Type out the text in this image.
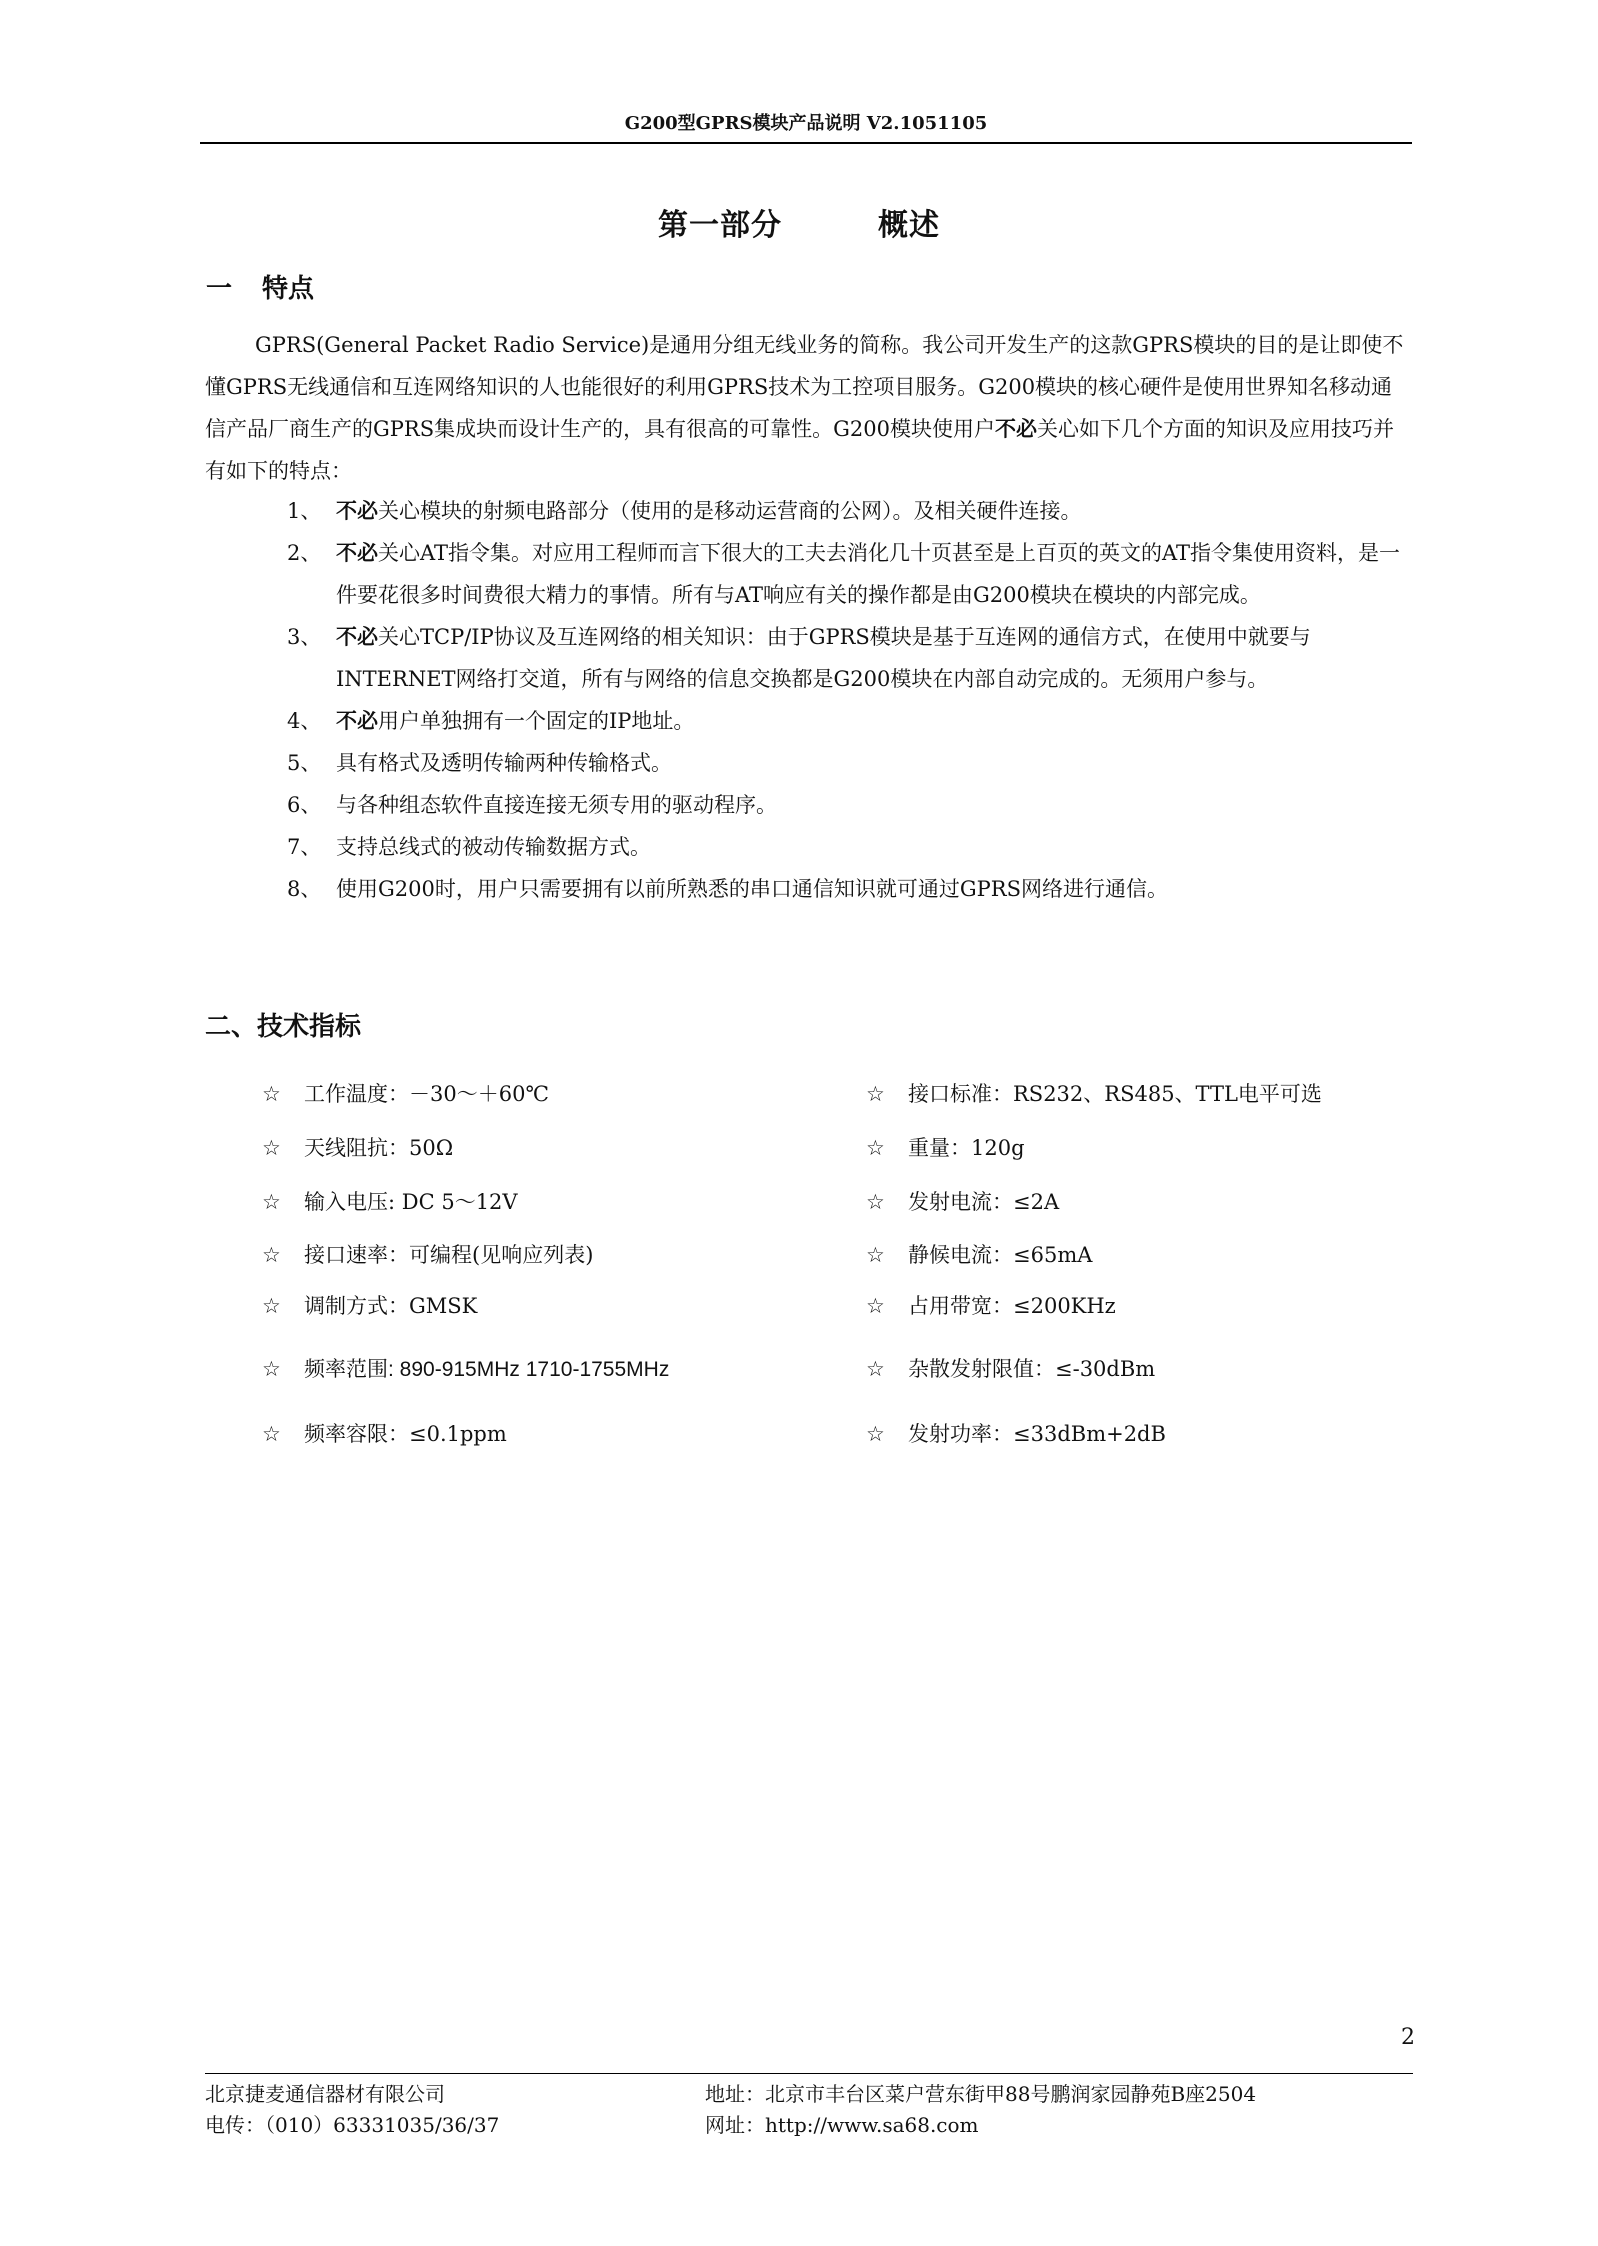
G200型GPRS模块产品说明 V2.1051105
第一部分	概述
一 特点
GPRS(General Packet Radio Service)是通用分组无线业务的简称。我公司开发生产的这款GPRS模块的目的是让即使不懂GPRS无线通信和互连网络知识的人也能很好的利用GPRS技术为工控项目服务。G200模块的核心硬件是使用世界知名移动通信产品厂商生产的GPRS集成块而设计生产的，具有很高的可靠性。G200模块使用户不必关心如下几个方面的知识及应用技巧并有如下的特点：
1、 不必关心模块的射频电路部分（使用的是移动运营商的公网）。及相关硬件连接。
2、 不必关心AT指令集。对应用工程师而言下很大的工夫去消化几十页甚至是上百页的英文的AT指令集使用资料，是一件要花很多时间费很大精力的事情。所有与AT响应有关的操作都是由G200模块在模块的内部完成。
3、 不必关心TCP/IP协议及互连网络的相关知识：由于GPRS模块是基于互连网的通信方式，在使用中就要与INTERNET网络打交道，所有与网络的信息交换都是G200模块在内部自动完成的。无须用户参与。
4、 不必用户单独拥有一个固定的IP地址。
5、 具有格式及透明传输两种传输格式。
6、 与各种组态软件直接连接无须专用的驱动程序。
7、 支持总线式的被动传输数据方式。
8、 使用G200时，用户只需要拥有以前所熟悉的串口通信知识就可通过GPRS网络进行通信。
二、技术指标
☆ 工作温度：－30～＋60℃
☆ 天线阻抗：50Ω
☆ 输入电压: DC 5～12V
☆ 接口速率：可编程(见响应列表)
☆ 调制方式：GMSK
☆ 频率范围: 890-915MHz 1710-1755MHz
☆ 频率容限：≤0.1ppm
☆ 接口标准：RS232、RS485、TTL电平可选
☆ 重量：120g
☆ 发射电流：≤2A
☆ 静候电流：≤65mA
☆ 占用带宽：≤200KHz
☆ 杂散发射限值：≤-30dBm
☆ 发射功率：≤33dBm+2dB
2
北京捷麦通信器材有限公司
电传：（010）63331035/36/37
地址：北京市丰台区菜户营东街甲88号鹏润家园静苑B座2504
网址：http://www.sa68.com
